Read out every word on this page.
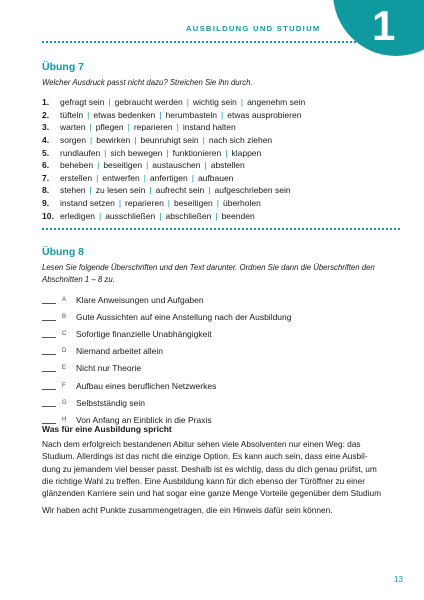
1
AUSBILDUNG UND STUDIUM
Übung 7
Welcher Ausdruck passt nicht dazu? Streichen Sie ihn durch.
1.	gefragt sein | gebraucht werden | wichtig sein | angenehm sein
2.	tüfteln | etwas bedenken | herumbasteln | etwas ausprobieren
3.	warten | pflegen | reparieren | instand halten
4.	sorgen | bewirken | beunruhigt sein | nach sich ziehen
5.	rundlaufen | sich bewegen | funktionieren | klappen
6.	beheben | beseitigen | austauschen | abstellen
7.	erstellen | entwerfen | anfertigen | aufbauen
8.	stehen | zu lesen sein | aufrecht sein | aufgeschrieben sein
9.	instand setzen | reparieren | beseitigen | überholen
10. erledigen | ausschließen | abschließen | beenden
Übung 8
Lesen Sie folgende Überschriften und den Text darunter. Ordnen Sie dann die Überschriften den
Abschnitten 1 – 8 zu.
A	Klare Anweisungen und Aufgaben
B	Gute Aussichten auf eine Anstellung nach der Ausbildung
C	Sofortige finanzielle Unabhängigkeit
D	Niemand arbeitet allein
E	Nicht nur Theorie
F	Aufbau eines beruflichen Netzwerkes
G	Selbstständig sein
H	Von Anfang an Einblick in die Praxis
Was für eine Ausbildung spricht
Nach dem erfolgreich bestandenen Abitur sehen viele Absolventen nur einen Weg: das
Studium. Allerdings ist das nicht die einzige Option. Es kann auch sein, dass eine Ausbil-
dung zu jemandem viel besser passt. Deshalb ist es wichtig, dass du dich genau prüfst, um
die richtige Wahl zu treffen. Eine Ausbildung kann für dich ebenso der Türöffner zu einer
glänzenden Karriere sein und hat sogar eine ganze Menge Vorteile gegenüber dem Studium
Wir haben acht Punkte zusammengetragen, die ein Hinweis dafür sein können.
13
